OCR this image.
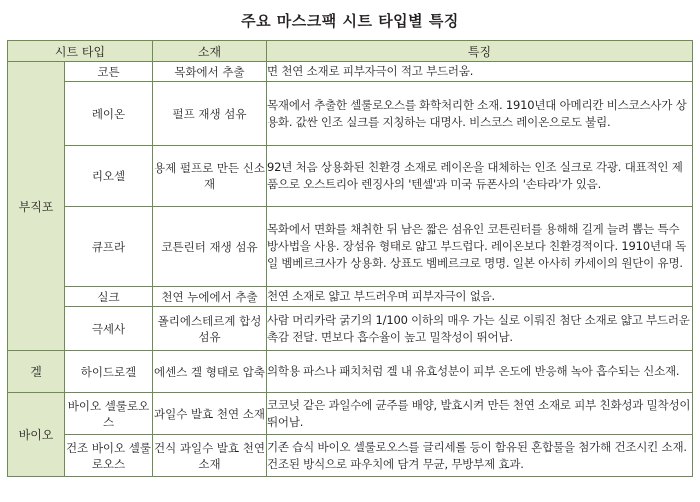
주요 마스크팩 시트 타입별 특징
시트 타입		소재	특징
부직포	코튼	목화에서 추출	면 천연 소재로 피부자극이 적고 부드러움.
	레이온	펄프 재생 섬유	목재에서 추출한 셀룰로오스를 화학처리한 소재. 1910년대 아메리칸 비스코스사가 상용화. 값싼 인조 실크를 지칭하는 대명사. 비스코스 레이온으로도 불림.
	리오셀	용제 펄프로 만든 신소재	92년 처음 상용화된 친환경 소재로 레이온을 대체하는 인조 실크로 각광. 대표적인 제품으로 오스트리아 렌징사의 '텐셀'과 미국 듀폰사의 '손타라'가 있음.
	큐프라	코튼린터 재생 섬유	목화에서 면화를 채취한 뒤 남은 짧은 섬유인 코튼린터를 용해해 길게 늘려 뽑는 특수 방사법을 사용. 장섬유 형태로 얇고 부드럽다. 레이온보다 친환경적이다. 1910년대 독일 벰베르크사가 상용화. 상표도 벰베르크로 명명. 일본 아사히 카세이의 원단이 유명.
	실크	천연 누에에서 추출	천연 소재로 얇고 부드러우며 피부자극이 없음.
	극세사	폴리에스테르계 합성섬유	사람 머리카락 굵기의 1/100 이하의 매우 가는 실로 이뤄진 첨단 소재로 얇고 부드러운 촉감 전달. 면보다 흡수율이 높고 밀착성이 뛰어남.
겔	하이드로겔	에센스 겔 형태로 압축	의학용 파스나 패치처럼 겔 내 유효성분이 피부 온도에 반응해 녹아 흡수되는 신소재.
바이오	바이오 셀룰로오스	과일수 발효 천연 소재	코코넛 같은 과일수에 균주를 배양, 발효시켜 만든 천연 소재로 피부 친화성과 밀착성이 뛰어남.
	건조 바이오 셀룰로오스	건식 과일수 발효 천연 소재	기존 습식 바이오 셀룰로오스를 글리세롤 등이 함유된 혼합물을 첨가해 건조시킨 소재. 건조된 방식으로 파우치에 담겨 무균, 무방부제 효과.
